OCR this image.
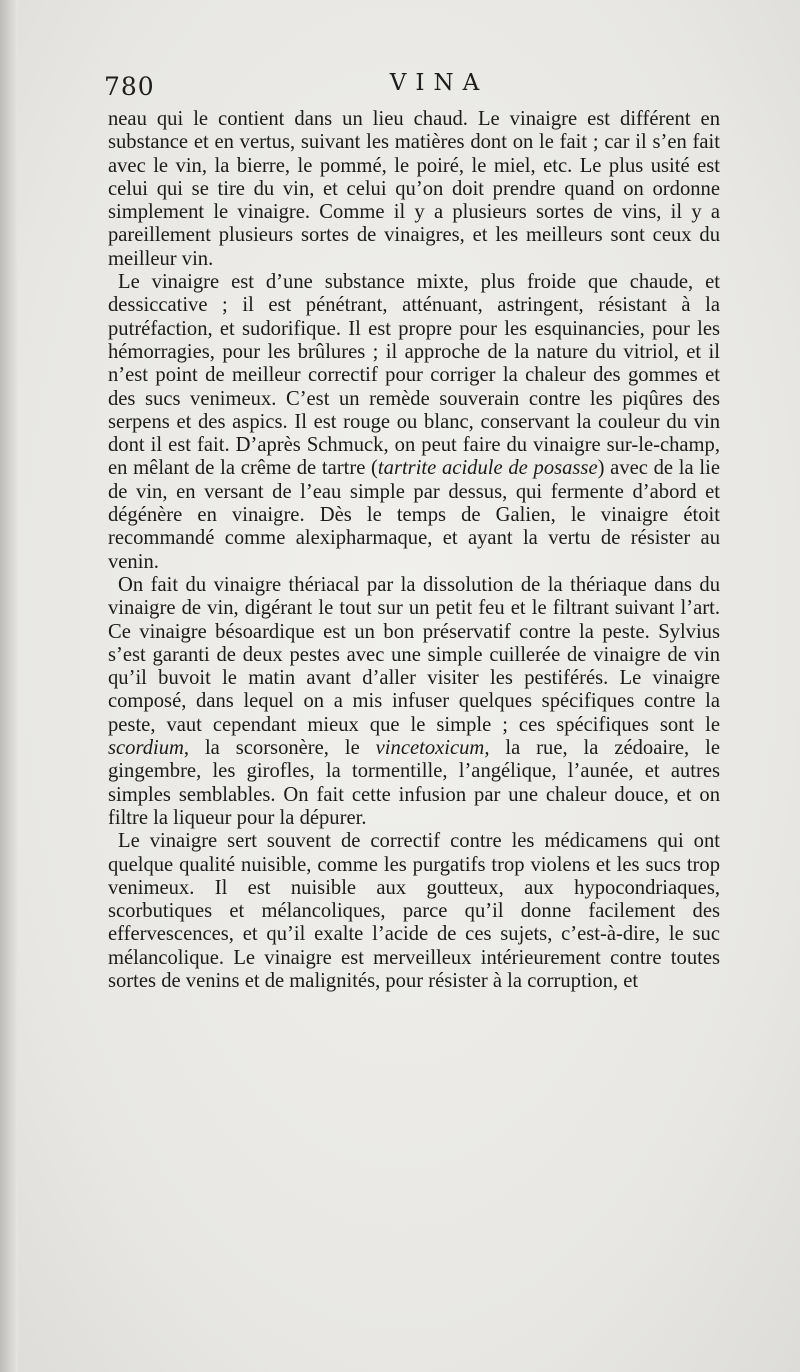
780	VINA

neau qui le contient dans un lieu chaud. Le vinaigre est différent en substance et en vertus, suivant les matières dont on le fait ; car il s’en fait avec le vin, la bierre, le pommé, le poiré, le miel, etc. Le plus usité est celui qui se tire du vin, et celui qu’on doit prendre quand on ordonne simplement le vinaigre. Comme il y a plusieurs sortes de vins, il y a pareillement plusieurs sortes de vinaigres, et les meilleurs sont ceux du meilleur vin.

Le vinaigre est d’une substance mixte, plus froide que chaude, et dessiccative ; il est pénétrant, atténuant, astringent, résistant à la putréfaction, et sudorifique. Il est propre pour les esquinancies, pour les hémorragies, pour les brûlures ; il approche de la nature du vitriol, et il n’est point de meilleur correctif pour corriger la chaleur des gommes et des sucs venimeux. C’est un remède souverain contre les piqûres des serpens et des aspics. Il est rouge ou blanc, conservant la couleur du vin dont il est fait. D’après Schmuck, on peut faire du vinaigre sur-le-champ, en mêlant de la crême de tartre (tartrite acidule de posasse) avec de la lie de vin, en versant de l’eau simple par dessus, qui fermente d’abord et dégénère en vinaigre. Dès le temps de Galien, le vinaigre étoit recommandé comme alexipharmaque, et ayant la vertu de résister au venin.

On fait du vinaigre thériacal par la dissolution de la thériaque dans du vinaigre de vin, digérant le tout sur un petit feu et le filtrant suivant l’art. Ce vinaigre bésoardique est un bon préservatif contre la peste. Sylvius s’est garanti de deux pestes avec une simple cuillerée de vinaigre de vin qu’il buvoit le matin avant d’aller visiter les pestiférés. Le vinaigre composé, dans lequel on a mis infuser quelques spécifiques contre la peste, vaut cependant mieux que le simple ; ces spécifiques sont le scordium, la scorsonère, le vincetoxicum, la rue, la zédoaire, le gingembre, les girofles, la tormentille, l’angélique, l’aunée, et autres simples semblables. On fait cette infusion par une chaleur douce, et on filtre la liqueur pour la dépurer.

Le vinaigre sert souvent de correctif contre les médicamens qui ont quelque qualité nuisible, comme les purgatifs trop violens et les sucs trop venimeux. Il est nuisible aux goutteux, aux hypocondriaques, scorbutiques et mélancoliques, parce qu’il donne facilement des effervescences, et qu’il exalte l’acide de ces sujets, c’est-à-dire, le suc mélancolique. Le vinaigre est merveilleux intérieurement contre toutes sortes de venins et de malignités, pour résister à la corruption, et
